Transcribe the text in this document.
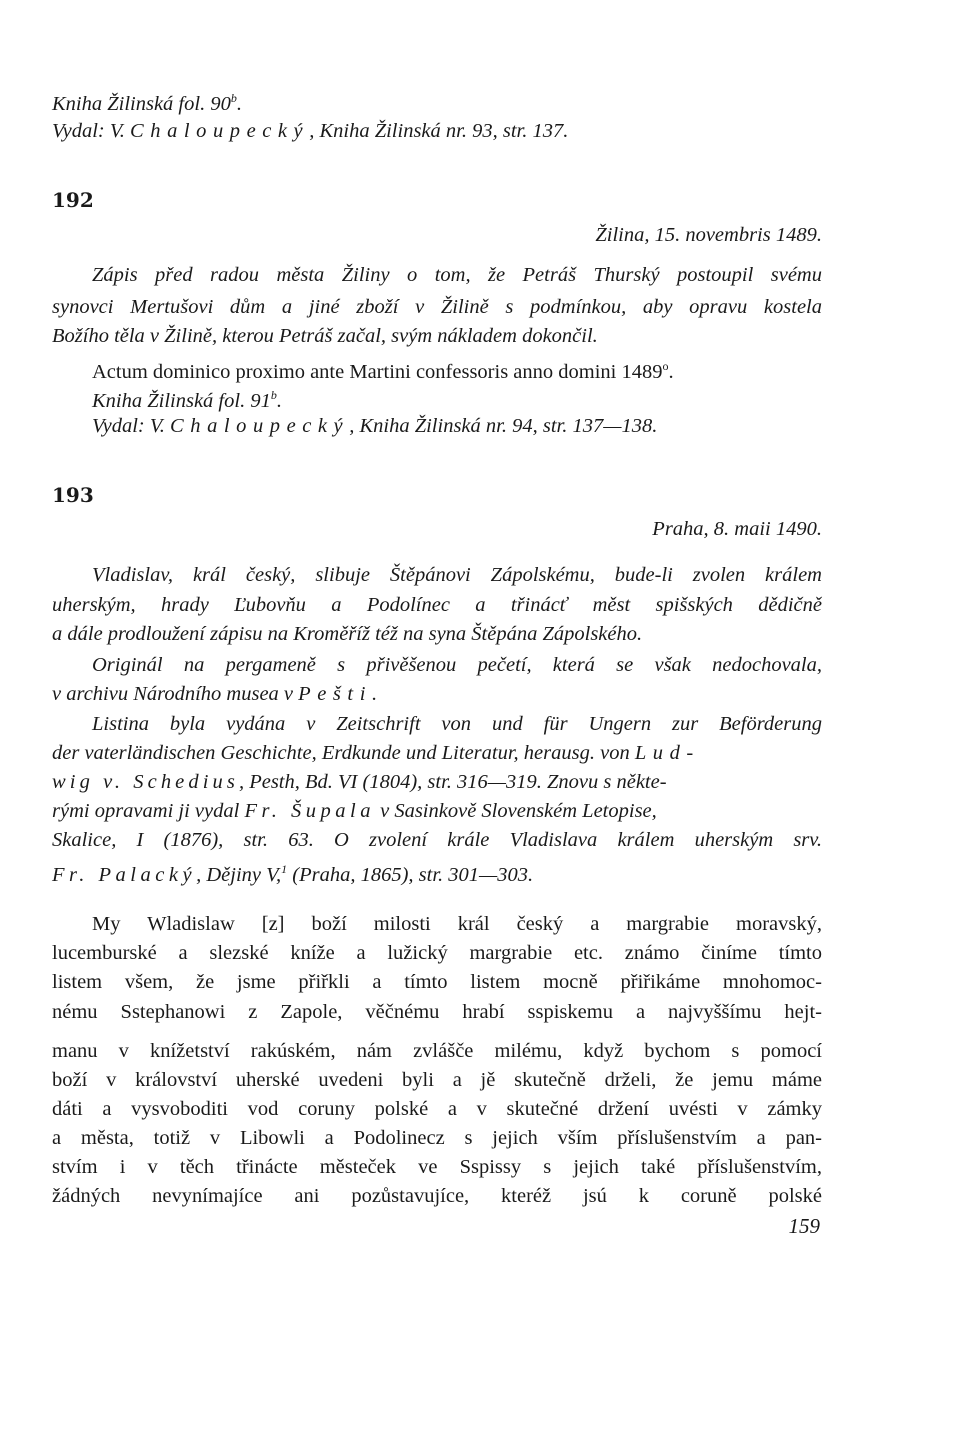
Kniha Žilinská fol. 90$^b$.
Vydal: V. Chaloupecký, Kniha Žilinská nr. 93, str. 137.
192
Žilina, 15. novembris 1489.
Zápis před radou města Žiliny o tom, že Petráš Thurský postoupil svému
synovci Mertušovi dům a jiné zboží v Žilině s podmínkou, aby opravu kostela
Božího těla v Žilině, kterou Petráš začal, svým nákladem dokončil.
Actum dominico proximo ante Martini confessoris anno domini 1489$^o$.
Kniha Žilinská fol. 91$^b$.
Vydal: V. Chaloupecký, Kniha Žilinská nr. 94, str. 137—138.
193
Praha, 8. maii 1490.
Vladislav, král český, slibuje Štěpánovi Zápolskému, bude-li zvolen králem
uherským, hrady Ľubovňu a Podolínec a třinácť měst spišských dědičně
a dále prodloužení zápisu na Kroměříž též na syna Štěpána Zápolského.
Originál na pergameně s přivěšenou pečetí, která se však nedochovala,
v archivu Národního musea v Pešti.
Listina byla vydána v Zeitschrift von und für Ungern zur Beförderung
der vaterländischen Geschichte, Erdkunde und Literatur, herausg. von Lud-
wig v. Schedius, Pesth, Bd. VI (1804), str. 316—319. Znovu s někte-
rými opravami ji vydal Fr. Šupala v Sasinkově Slovenském Letopise,
Skalice, I (1876), str. 63. O zvolení krále Vladislava králem uherským srv.
Fr. Palacký, Dějiny V,$^1$ (Praha, 1865), str. 301—303.
My Wladislaw [z] boží milosti král český a margrabie moravský,
lucemburské a slezské kníže a lužický margrabie etc. známo činíme tímto
listem všem, že jsme přiřkli a tímto listem mocně přiřikáme mnohomoc-
nému Sstephanowi z Zapole, věčnému hrabí sspiskemu a najvyššímu hejt-
manu v knížetství rakúském, nám zvlášče milému, když bychom s pomocí
boží v království uherské uvedeni byli a jě skutečně drželi, že jemu máme
dáti a vysvoboditi vod coruny polské a v skutečné držení uvésti v zámky
a města, totiž v Libowli a Podolinecz s jejich vším příslušenstvím a pan-
stvím i v těch třinácte městeček ve Sspissy s jejich také příslušenstvím,
žádných nevynímajíce ani pozůstavujíce, kteréž jsú k coruně polské
159
